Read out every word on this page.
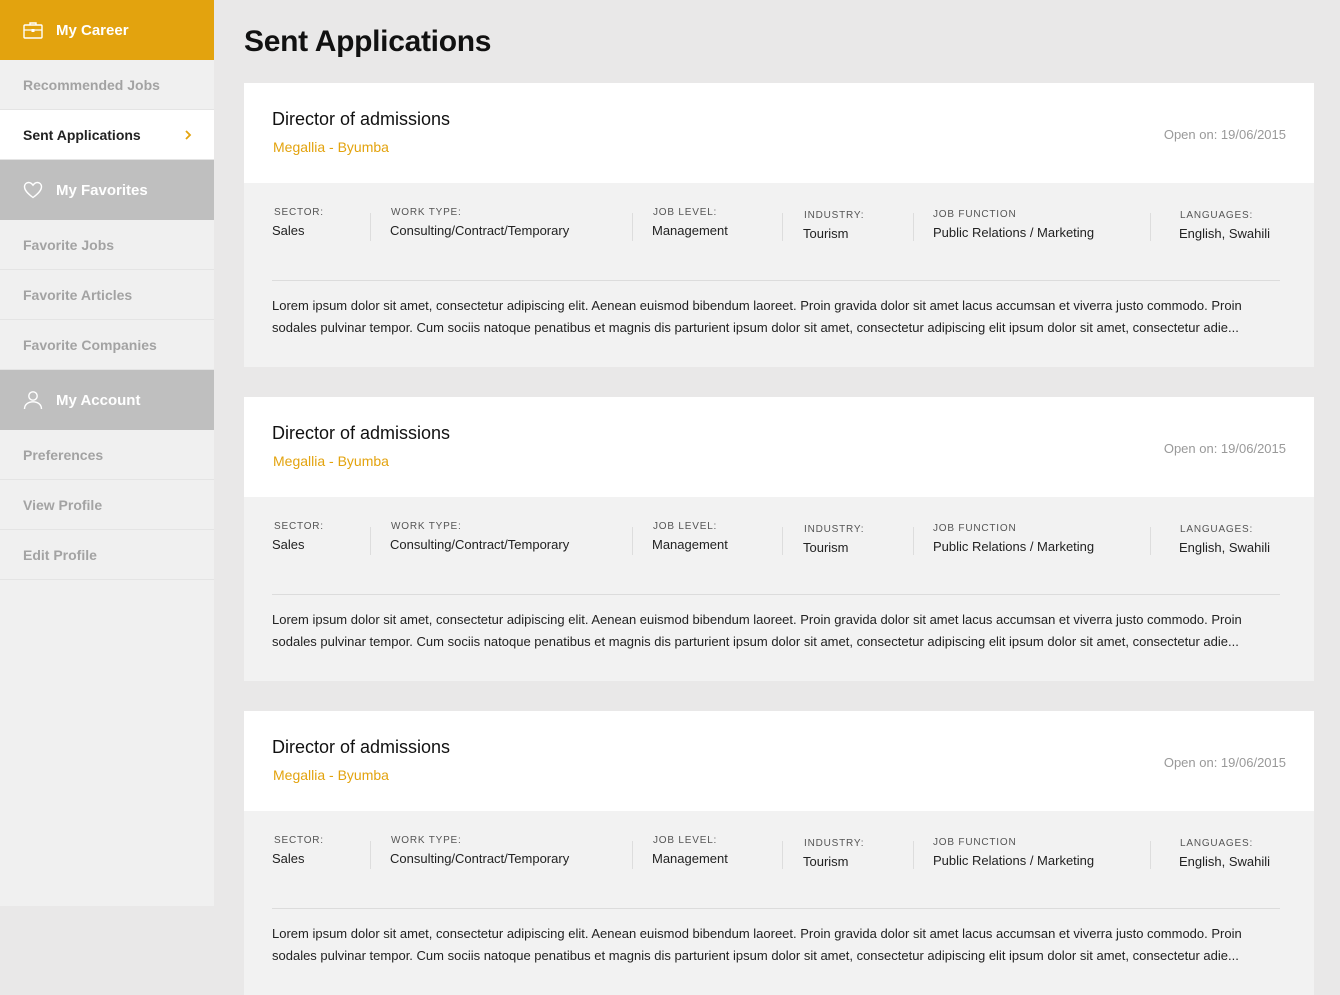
My Career
Recommended Jobs
Sent Applications
My Favorites
Favorite Jobs
Favorite Articles
Favorite Companies
My Account
Preferences
View Profile
Edit Profile
Sent Applications
Director of admissions
Megallia - Byumba
Open on: 19/06/2015
SECTOR:
Sales
WORK TYPE:
Consulting/Contract/Temporary
JOB LEVEL:
Management
INDUSTRY:
Tourism
JOB FUNCTION
Public Relations / Marketing
LANGUAGES:
English, Swahili
Lorem ipsum dolor sit amet, consectetur adipiscing elit. Aenean euismod bibendum laoreet. Proin gravida dolor sit amet lacus accumsan et viverra justo commodo. Proin
sodales pulvinar tempor. Cum sociis natoque penatibus et magnis dis parturient ipsum dolor sit amet, consectetur adipiscing elit ipsum dolor sit amet, consectetur adie...
Director of admissions
Megallia - Byumba
Open on: 19/06/2015
SECTOR:
Sales
WORK TYPE:
Consulting/Contract/Temporary
JOB LEVEL:
Management
INDUSTRY:
Tourism
JOB FUNCTION
Public Relations / Marketing
LANGUAGES:
English, Swahili
Lorem ipsum dolor sit amet, consectetur adipiscing elit. Aenean euismod bibendum laoreet. Proin gravida dolor sit amet lacus accumsan et viverra justo commodo. Proin
sodales pulvinar tempor. Cum sociis natoque penatibus et magnis dis parturient ipsum dolor sit amet, consectetur adipiscing elit ipsum dolor sit amet, consectetur adie...
Director of admissions
Megallia - Byumba
Open on: 19/06/2015
SECTOR:
Sales
WORK TYPE:
Consulting/Contract/Temporary
JOB LEVEL:
Management
INDUSTRY:
Tourism
JOB FUNCTION
Public Relations / Marketing
LANGUAGES:
English, Swahili
Lorem ipsum dolor sit amet, consectetur adipiscing elit. Aenean euismod bibendum laoreet. Proin gravida dolor sit amet lacus accumsan et viverra justo commodo. Proin
sodales pulvinar tempor. Cum sociis natoque penatibus et magnis dis parturient ipsum dolor sit amet, consectetur adipiscing elit ipsum dolor sit amet, consectetur adie...
